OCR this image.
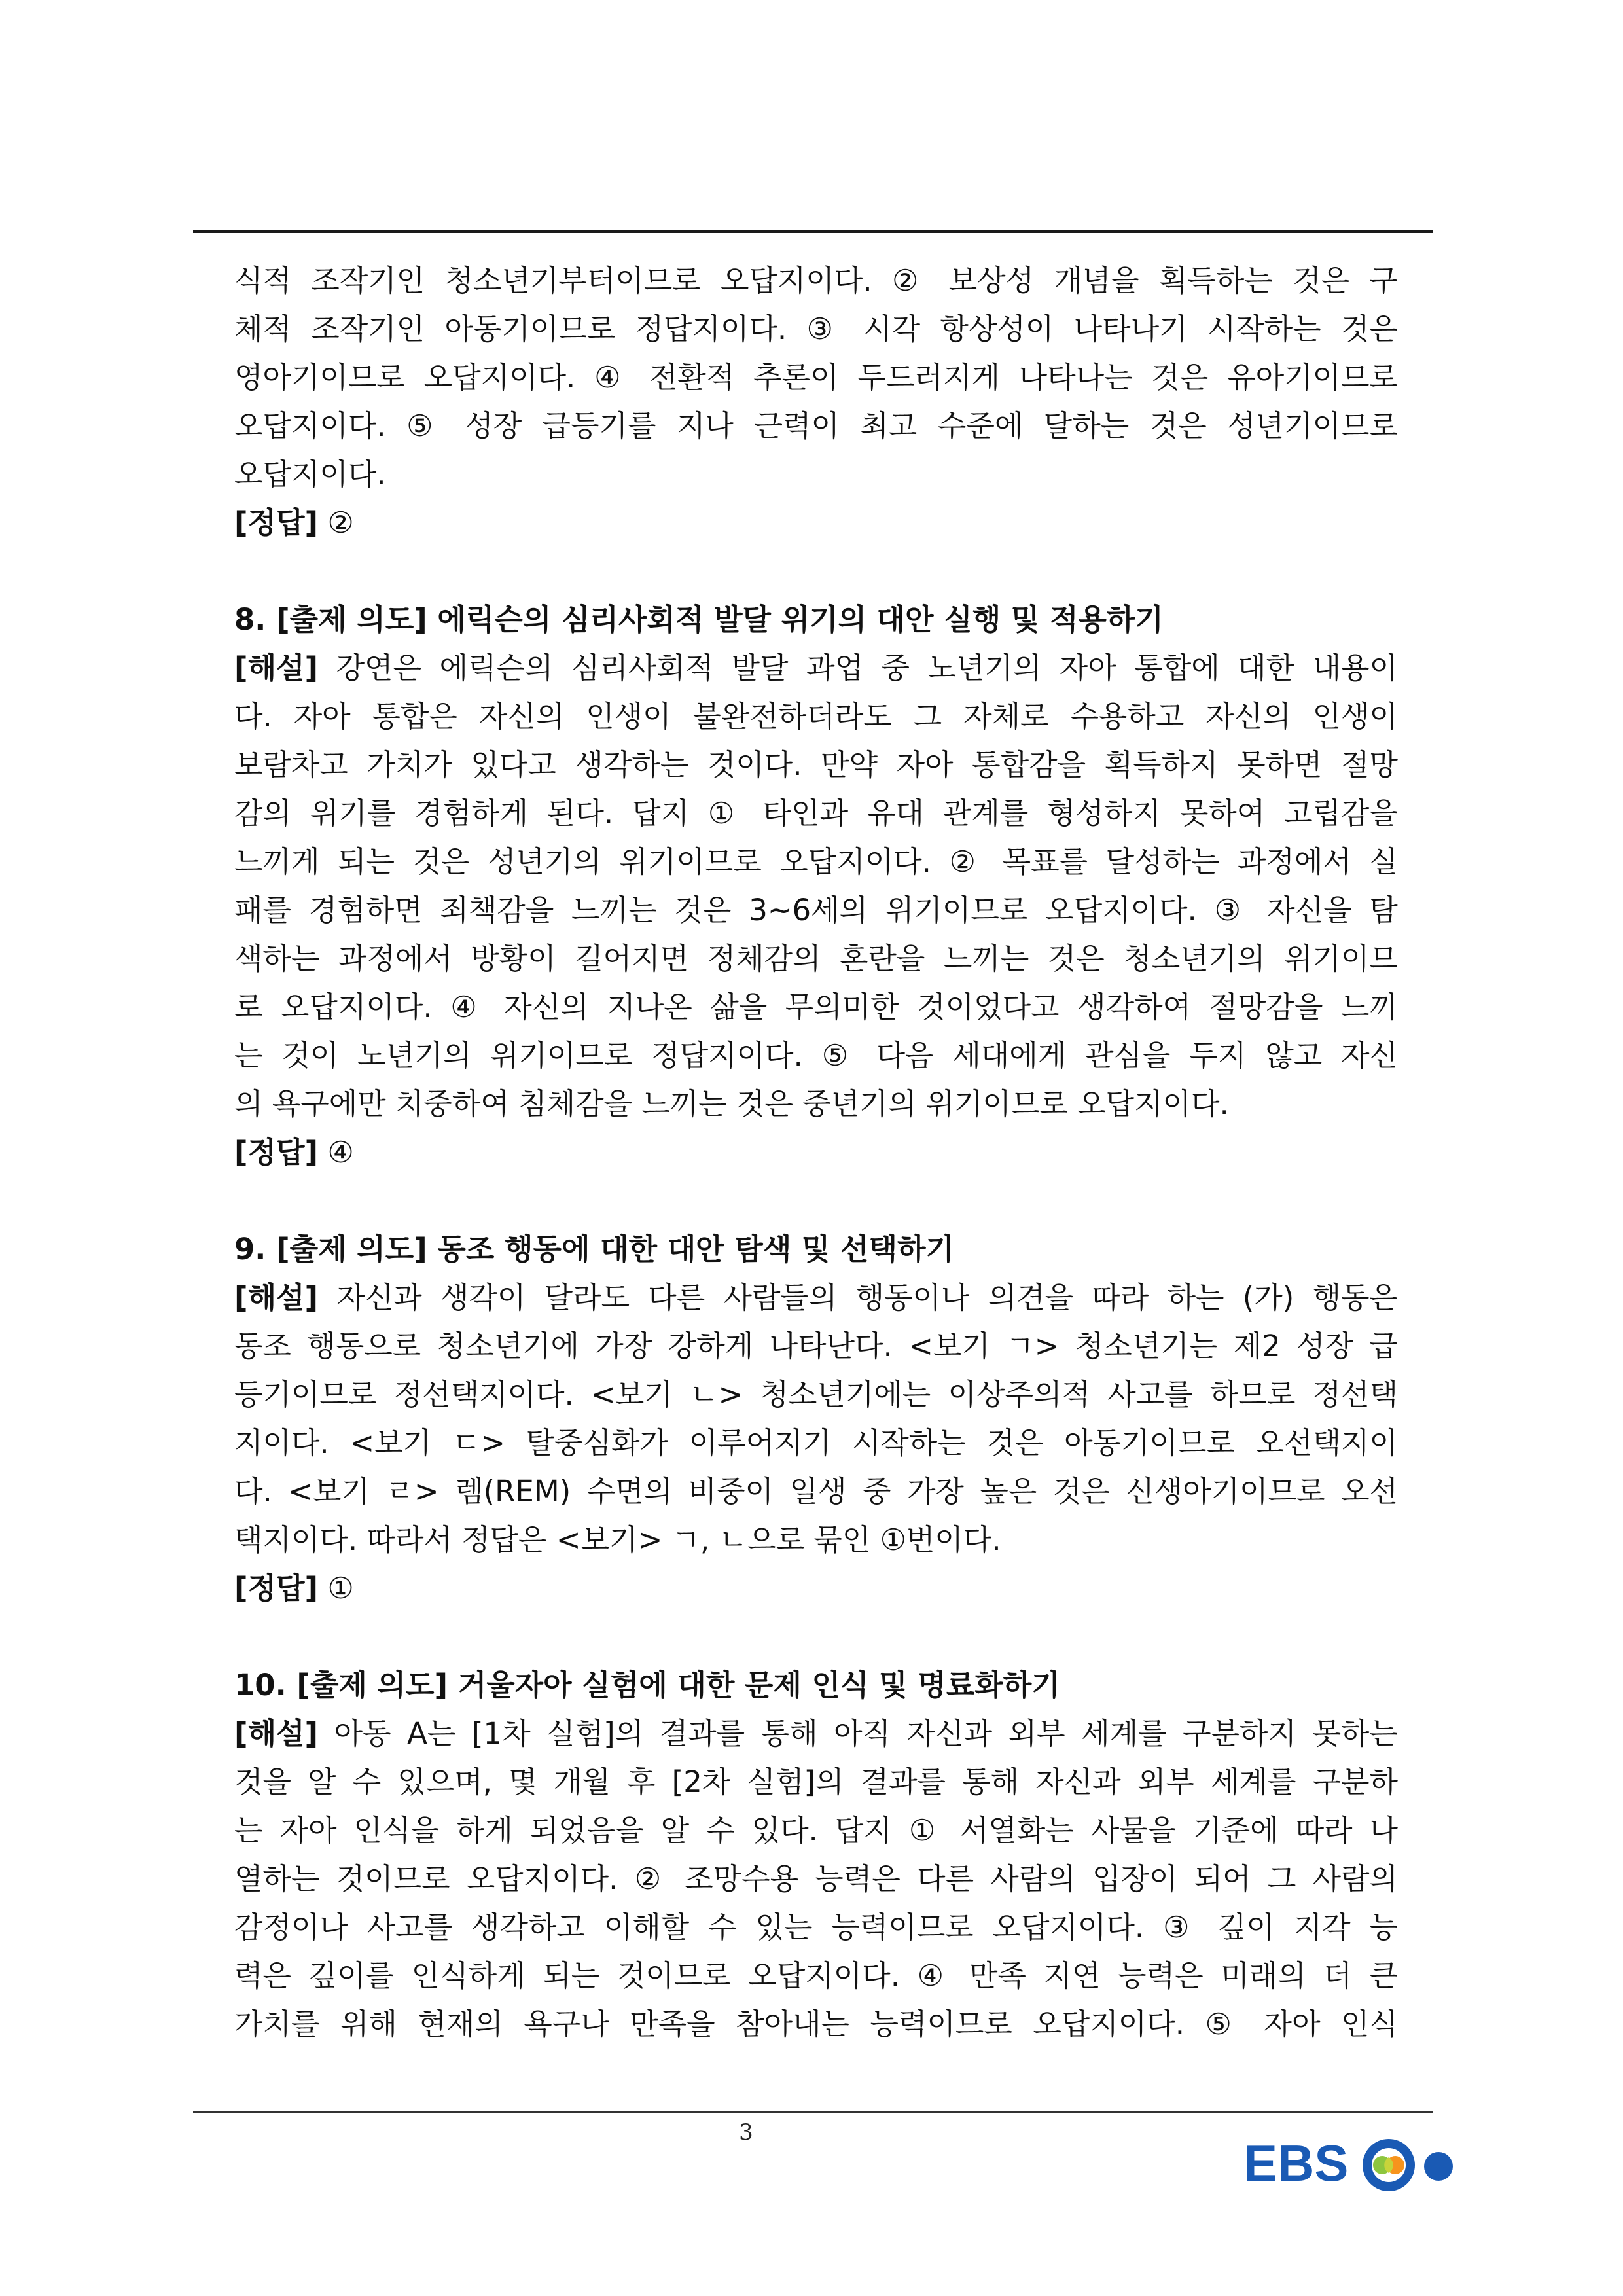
식적 조작기인 청소년기부터이므로 오답지이다. ② 보상성 개념을 획득하는 것은 구
체적 조작기인 아동기이므로 정답지이다. ③ 시각 항상성이 나타나기 시작하는 것은
영아기이므로 오답지이다. ④ 전환적 추론이 두드러지게 나타나는 것은 유아기이므로
오답지이다. ⑤ 성장 급등기를 지나 근력이 최고 수준에 달하는 것은 성년기이므로
오답지이다.
[정답] ②
8. [출제 의도] 에릭슨의 심리사회적 발달 위기의 대안 실행 및 적용하기
[해설] 강연은 에릭슨의 심리사회적 발달 과업 중 노년기의 자아 통합에 대한 내용이
다. 자아 통합은 자신의 인생이 불완전하더라도 그 자체로 수용하고 자신의 인생이
보람차고 가치가 있다고 생각하는 것이다. 만약 자아 통합감을 획득하지 못하면 절망
감의 위기를 경험하게 된다. 답지 ① 타인과 유대 관계를 형성하지 못하여 고립감을
느끼게 되는 것은 성년기의 위기이므로 오답지이다. ② 목표를 달성하는 과정에서 실
패를 경험하면 죄책감을 느끼는 것은 3~6세의 위기이므로 오답지이다. ③ 자신을 탐
색하는 과정에서 방황이 길어지면 정체감의 혼란을 느끼는 것은 청소년기의 위기이므
로 오답지이다. ④ 자신의 지나온 삶을 무의미한 것이었다고 생각하여 절망감을 느끼
는 것이 노년기의 위기이므로 정답지이다. ⑤ 다음 세대에게 관심을 두지 않고 자신
의 욕구에만 치중하여 침체감을 느끼는 것은 중년기의 위기이므로 오답지이다.
[정답] ④
9. [출제 의도] 동조 행동에 대한 대안 탐색 및 선택하기
[해설] 자신과 생각이 달라도 다른 사람들의 행동이나 의견을 따라 하는 (가) 행동은
동조 행동으로 청소년기에 가장 강하게 나타난다. <보기 ㄱ> 청소년기는 제2 성장 급
등기이므로 정선택지이다. <보기 ㄴ> 청소년기에는 이상주의적 사고를 하므로 정선택
지이다. <보기 ㄷ> 탈중심화가 이루어지기 시작하는 것은 아동기이므로 오선택지이
다. <보기 ㄹ> 렘(REM) 수면의 비중이 일생 중 가장 높은 것은 신생아기이므로 오선
택지이다. 따라서 정답은 <보기> ㄱ, ㄴ으로 묶인 ①번이다.
[정답] ①
10. [출제 의도] 거울자아 실험에 대한 문제 인식 및 명료화하기
[해설] 아동 A는 [1차 실험]의 결과를 통해 아직 자신과 외부 세계를 구분하지 못하는
것을 알 수 있으며, 몇 개월 후 [2차 실험]의 결과를 통해 자신과 외부 세계를 구분하
는 자아 인식을 하게 되었음을 알 수 있다. 답지 ① 서열화는 사물을 기준에 따라 나
열하는 것이므로 오답지이다. ② 조망수용 능력은 다른 사람의 입장이 되어 그 사람의
감정이나 사고를 생각하고 이해할 수 있는 능력이므로 오답지이다. ③ 깊이 지각 능
력은 깊이를 인식하게 되는 것이므로 오답지이다. ④ 만족 지연 능력은 미래의 더 큰
가치를 위해 현재의 욕구나 만족을 참아내는 능력이므로 오답지이다. ⑤ 자아 인식
3
EBS
